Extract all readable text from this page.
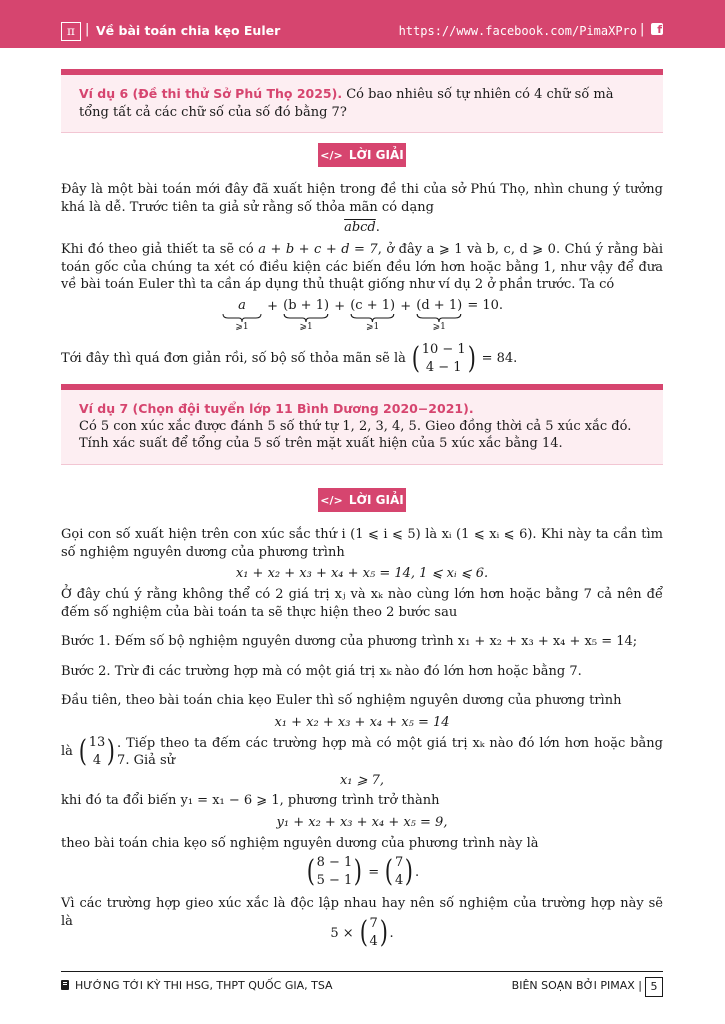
π | Về bài toán chia kẹo Euler	https://www.facebook.com/PimaXPro |	f
Ví dụ 6 (Đề thi thử Sở Phú Thọ 2025). Có bao nhiêu số tự nhiên có 4 chữ số mà tổng tất cả các chữ số của số đó bằng 7?
</> LỜI GIẢI
Đây là một bài toán mới đây đã xuất hiện trong đề thi của sở Phú Thọ, nhìn chung ý tưởng khá là dễ. Trước tiên ta giả sử rằng số thỏa mãn có dạng
abcd.
Khi đó theo giả thiết ta sẽ có a + b + c + d = 7, ở đây a ⩾ 1 và b, c, d ⩾ 0. Chú ý rằng bài toán gốc của chúng ta xét có điều kiện các biến đều lớn hơn hoặc bằng 1, như vậy để đưa về bài toán Euler thì ta cần áp dụng thủ thuật giống như ví dụ 2 ở phần trước. Ta có
a
⩾1
+ (b + 1)
⩾1
+ (c + 1)
⩾1
+ (d + 1)
⩾1
= 10.
Tới đây thì quá đơn giản rồi, số bộ số thỏa mãn sẽ là
( 10 − 1
4 − 1 )
= 84.
Ví dụ 7 (Chọn đội tuyển lớp 11 Bình Dương 2020−2021).
Có 5 con xúc xắc được đánh 5 số thứ tự 1, 2, 3, 4, 5. Gieo đồng thời cả 5 xúc xắc đó. Tính xác suất để tổng của 5 số trên mặt xuất hiện của 5 xúc xắc bằng 14.
</> LỜI GIẢI
Gọi con số xuất hiện trên con xúc sắc thứ i (1 ⩽ i ⩽ 5) là xᵢ (1 ⩽ xᵢ ⩽ 6). Khi này ta cần tìm số nghiệm nguyên dương của phương trình
x₁ + x₂ + x₃ + x₄ + x₅ = 14, 1 ⩽ xᵢ ⩽ 6.
Ở đây chú ý rằng không thể có 2 giá trị xⱼ và xₖ nào cùng lớn hơn hoặc bằng 7 cả nên để đếm số nghiệm của bài toán ta sẽ thực hiện theo 2 bước sau
Bước 1. Đếm số bộ nghiệm nguyên dương của phương trình x₁ + x₂ + x₃ + x₄ + x₅ = 14;
Bước 2. Trừ đi các trường hợp mà có một giá trị xₖ nào đó lớn hơn hoặc bằng 7.
Đầu tiên, theo bài toán chia kẹo Euler thì số nghiệm nguyên dương của phương trình
x₁ + x₂ + x₃ + x₄ + x₅ = 14
là
( 13
4 ) . Tiếp theo ta đếm các trường hợp mà có một giá trị xₖ nào đó lớn hơn hoặc bằng 7. Giả sử
x₁ ⩾ 7,
khi đó ta đổi biến y₁ = x₁ − 6 ⩾ 1, phương trình trở thành
y₁ + x₂ + x₃ + x₄ + x₅ = 9,
theo bài toán chia kẹo số nghiệm nguyên dương của phương trình này là
( 8 − 1
5 − 1 )
=
( 7
4 ) .
Vì các trường hợp gieo xúc xắc là độc lập nhau hay nên số nghiệm của trường hợp này sẽ là
5 ×
( 7
4 ) .
HƯỚNG TỚI KỲ THI HSG, THPT QUỐC GIA, TSA	BIÊN SOẠN BỞI PIMAX | 5
